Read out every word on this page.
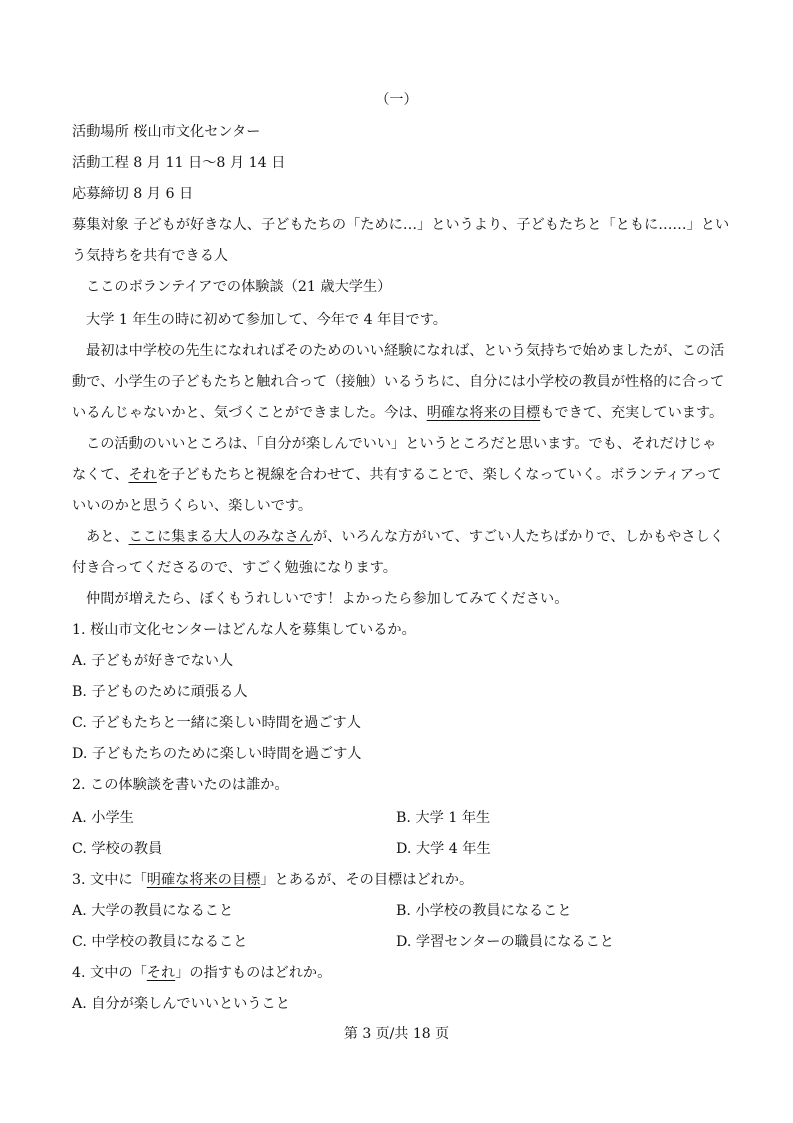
（一）
活動場所 桜山市文化センター
活動工程 8 月 11 日～8 月 14 日
応募締切 8 月 6 日
募集対象 子どもが好きな人、子どもたちの「ために…」というより、子どもたちと「ともに……」とい
う気持ちを共有できる人
ここのボランテイアでの体験談（21 歳大学生）
大学 1 年生の時に初めて参加して、今年で 4 年目です。
最初は中学校の先生になれればそのためのいい経験になれば、という気持ちで始めましたが、この活
動で、小学生の子どもたちと触れ合って（接触）いるうちに、自分には小学校の教員が性格的に合って
いるんじゃないかと、気づくことができました。今は、明確な将来の目標もできて、充実しています。
この活動のいいところは、「自分が楽しんでいい」というところだと思います。でも、それだけじゃ
なくて、それを子どもたちと視線を合わせて、共有することで、楽しくなっていく。ボランティアって
いいのかと思うくらい、楽しいです。
あと、ここに集まる大人のみなさんが、いろんな方がいて、すごい人たちばかりで、しかもやさしく
付き合ってくださるので、すごく勉強になります。
仲間が増えたら、ぼくもうれしいです！よかったら参加してみてください。
1. 桜山市文化センターはどんな人を募集しているか。
A. 子どもが好きでない人
B. 子どものために頑張る人
C. 子どもたちと一緒に楽しい時間を過ごす人
D. 子どもたちのために楽しい時間を過ごす人
2. この体験談を書いたのは誰か。
A. 小学生	B. 大学 1 年生
C. 学校の教員	D. 大学 4 年生
3. 文中に「明確な将来の目標」とあるが、その目標はどれか。
A. 大学の教員になること	B. 小学校の教員になること
C. 中学校の教員になること	D. 学習センターの職員になること
4. 文中の「それ」の指すものはどれか。
A. 自分が楽しんでいいということ
第 3 页/共 18 页
